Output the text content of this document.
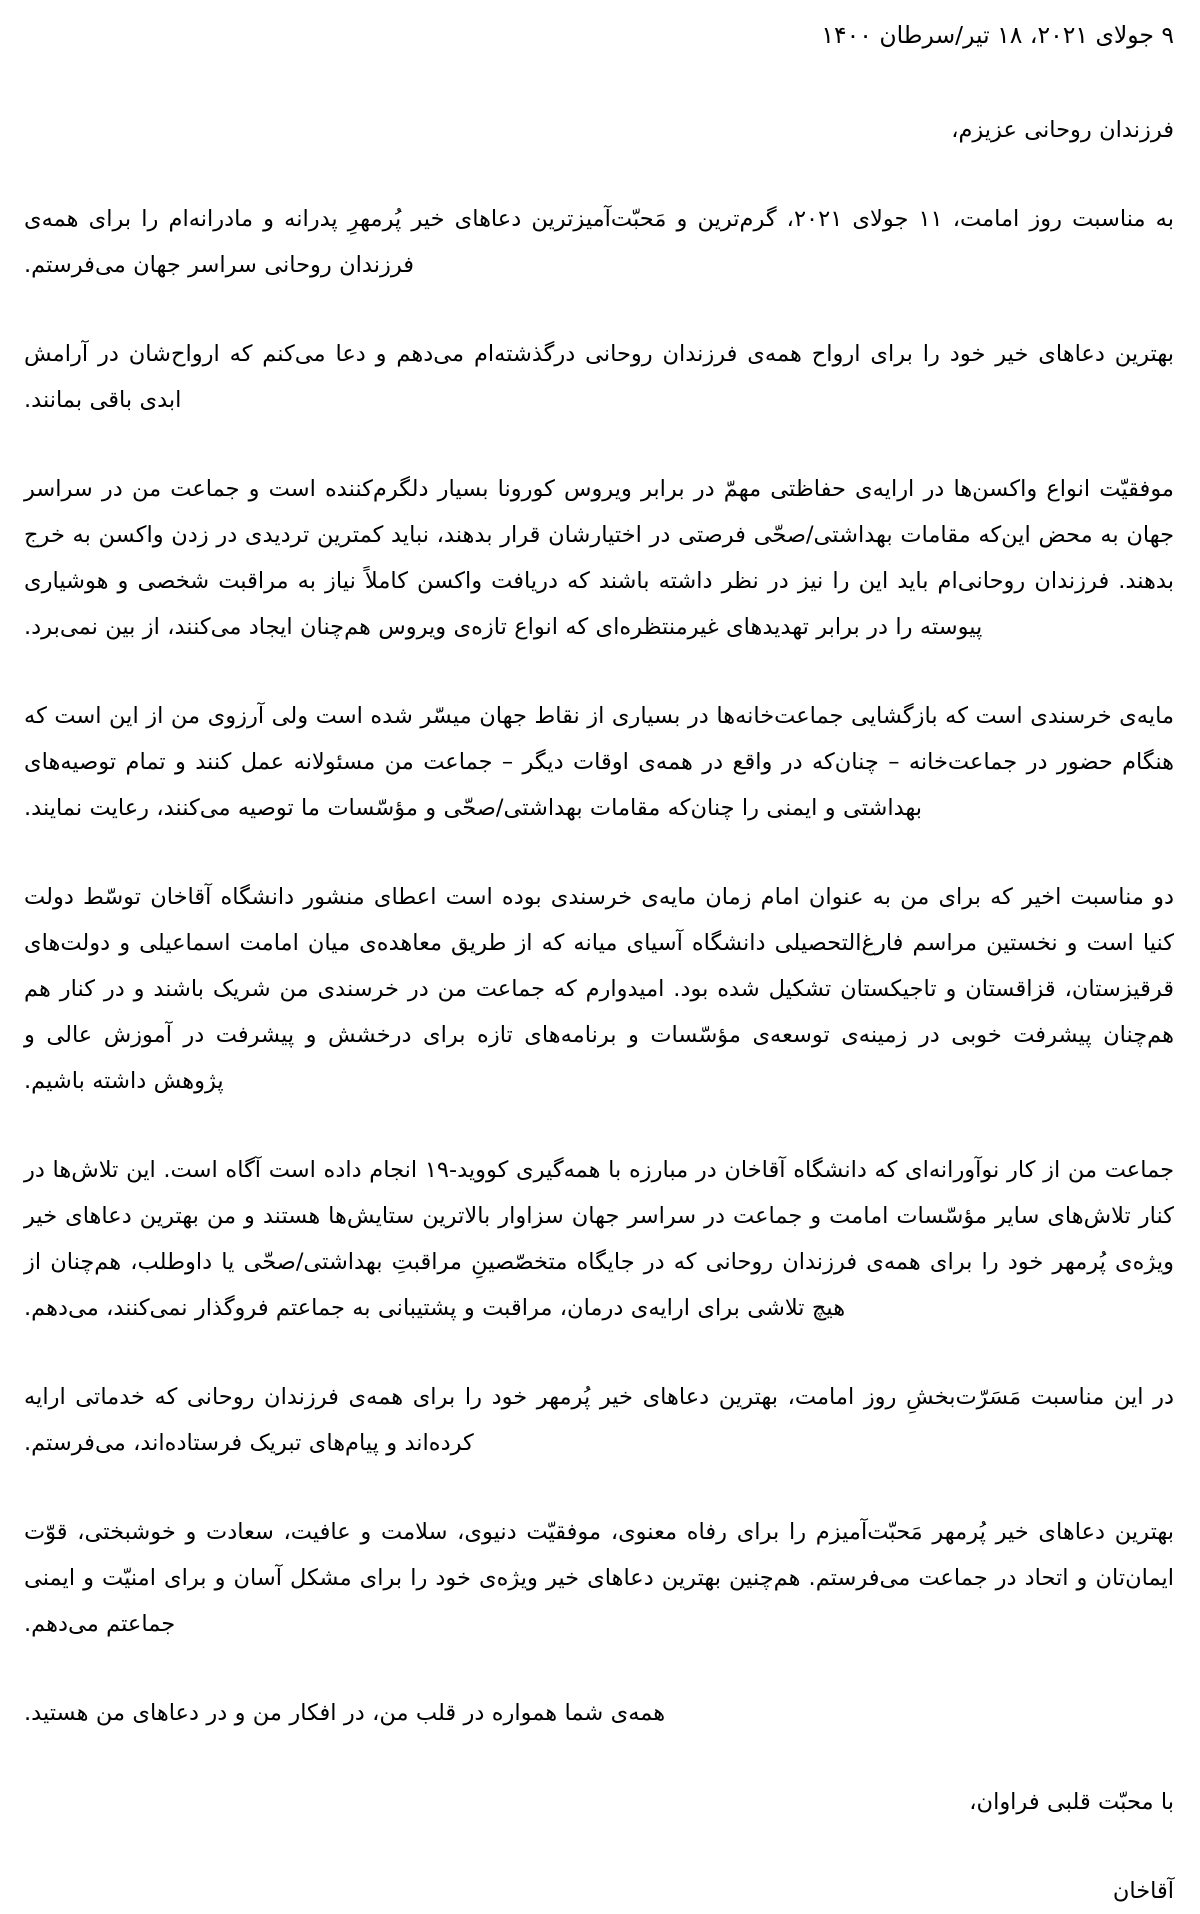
۹ جولای ۲۰۲۱، ۱۸ تیر/سرطان ۱۴۰۰

فرزندان روحانی عزیزم،

به مناسبت روز امامت، ۱۱ جولای ۲۰۲۱، گرم‌ترین و مَحبّت‌آمیزترین دعاهای خیر پُرمهرِ پدرانه و مادرانه‌ام را برای همه‌ی فرزندان روحانی سراسر جهان می‌فرستم.

بهترین دعاهای خیر خود را برای ارواح همه‌ی فرزندان روحانی درگذشته‌ام می‌دهم و دعا می‌کنم که ارواح‌شان در آرامش ابدی باقی بمانند.

موفقیّت انواع واکسن‌ها در ارایه‌ی حفاظتی مهمّ در برابر ویروس کورونا بسیار دلگرم‌کننده است و جماعت من در سراسر جهان به محض این‌که مقامات بهداشتی/صحّی فرصتی در اختیارشان قرار بدهند، نباید کمترین تردیدی در زدن واکسن به خرج بدهند. فرزندان روحانی‌ام باید این را نیز در نظر داشته باشند که دریافت واکسن کاملاً نیاز به مراقبت شخصی و هوشیاری پیوسته را در برابر تهدیدهای غیرمنتظره‌ای که انواع تازه‌ی ویروس هم‌چنان ایجاد می‌کنند، از بین نمی‌برد.

مایه‌ی خرسندی است که بازگشایی جماعت‌خانه‌ها در بسیاری از نقاط جهان میسّر شده است ولی آرزوی من از این است که هنگام حضور در جماعت‌خانه – چنان‌که در واقع در همه‌ی اوقات دیگر – جماعت من مسئولانه عمل کنند و تمام توصیه‌های بهداشتی و ایمنی را چنان‌که مقامات بهداشتی/صحّی و مؤسّسات ما توصیه می‌کنند، رعایت نمایند.

دو مناسبت اخیر که برای من به عنوان امام زمان مایه‌ی خرسندی بوده است اعطای منشور دانشگاه آقاخان توسّط دولت کنیا است و نخستین مراسم فارغ‌التحصیلی دانشگاه آسیای میانه که از طریق معاهده‌ی میان امامت اسماعیلی و دولت‌های قرقیزستان، قزاقستان و تاجیکستان تشکیل شده بود. امیدوارم که جماعت من در خرسندی من شریک باشند و در کنار هم هم‌چنان پیشرفت خوبی در زمینه‌ی توسعه‌ی مؤسّسات و برنامه‌های تازه برای درخشش و پیشرفت در آموزش عالی و پژوهش داشته باشیم.

جماعت من از کار نوآورانه‌ای که دانشگاه آقاخان در مبارزه با همه‌گیری کووید-۱۹ انجام داده است آگاه است. این تلاش‌ها در کنار تلاش‌های سایر مؤسّسات امامت و جماعت در سراسر جهان سزاوار بالاترین ستایش‌ها هستند و من بهترین دعاهای خیر ویژه‌ی پُرمهر خود را برای همه‌ی فرزندان روحانی که در جایگاه متخصّصینِ مراقبتِ بهداشتی/صحّی یا داوطلب، هم‌چنان از هیچ تلاشی برای ارایه‌ی درمان، مراقبت و پشتیبانی به جماعتم فروگذار نمی‌کنند، می‌دهم.

در این مناسبت مَسَرّت‌بخشِ روز امامت، بهترین دعاهای خیر پُرمهر خود را برای همه‌ی فرزندان روحانی که خدماتی ارایه کرده‌اند و پیام‌های تبریک فرستاده‌اند، می‌فرستم.

بهترین دعاهای خیر پُرمهر مَحبّت‌آمیزم را برای رفاه معنوی، موفقیّت دنیوی، سلامت و عافیت، سعادت و خوشبختی، قوّت ایمان‌تان و اتحاد در جماعت می‌فرستم. هم‌چنین بهترین دعاهای خیر ویژه‌ی خود را برای مشکل آسان و برای امنیّت و ایمنی جماعتم می‌دهم.

همه‌ی شما همواره در قلب من، در افکار من و در دعاهای من هستید.

با محبّت قلبی فراوان،

آقاخان
